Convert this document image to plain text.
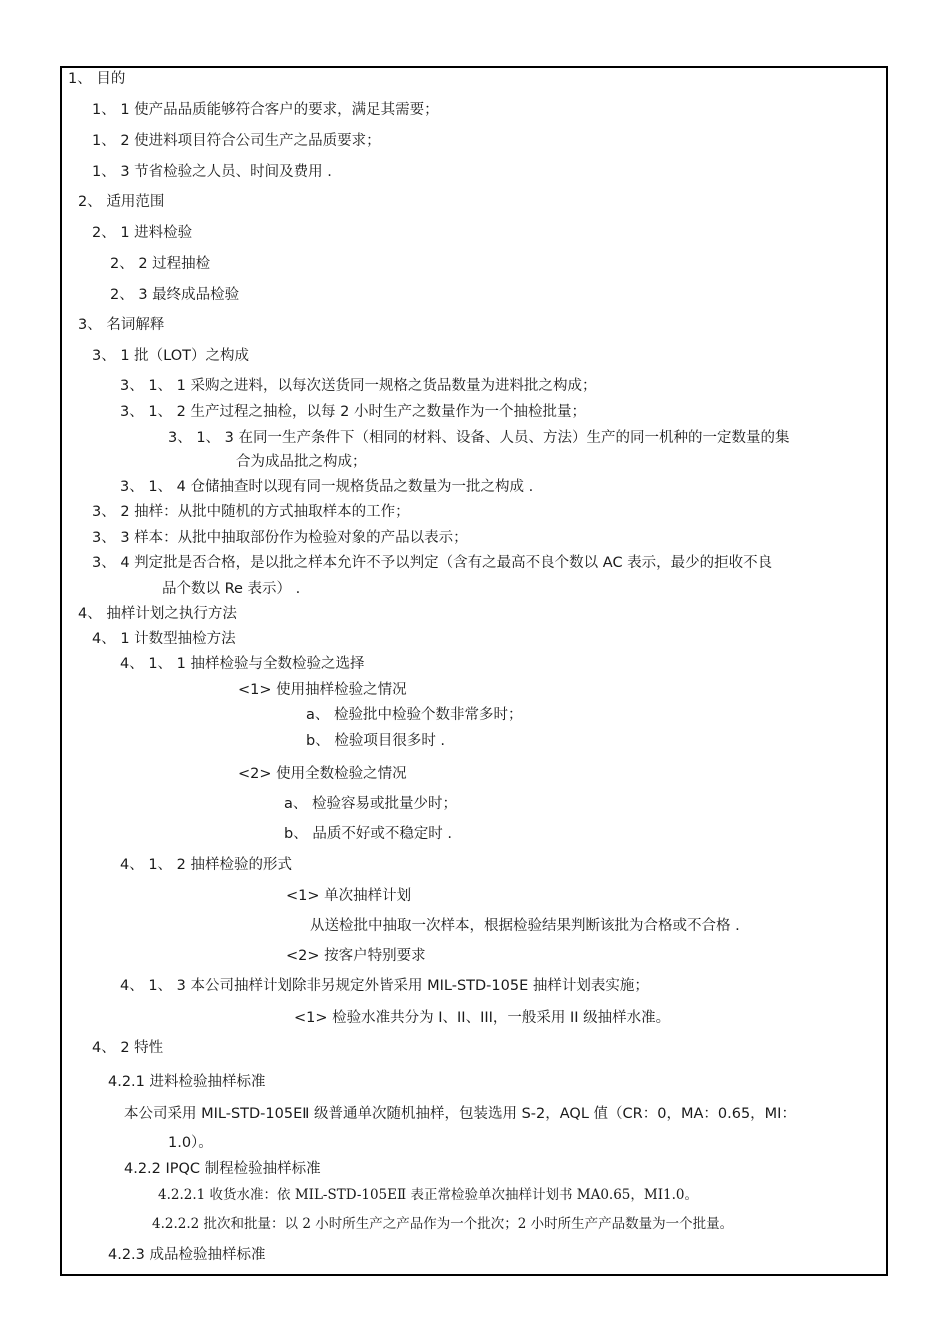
1、 目的
1、 1 使产品品质能够符合客户的要求，满足其需要；
1、 2 使进料项目符合公司生产之品质要求；
1、 3 节省检验之人员、时间及费用 .
2、 适用范围
2、 1 进料检验
2、 2 过程抽检
2、 3 最终成品检验
3、 名词解释
3、 1 批（LOT）之构成
3、 1、 1 采购之进料，以每次送货同一规格之货品数量为进料批之构成；
3、 1、 2 生产过程之抽检，以每 2 小时生产之数量作为一个抽检批量；
3、 1、 3 在同一生产条件下（相同的材料、设备、人员、方法）生产的同一机种的一定数量的集
合为成品批之构成；
3、 1、 4 仓储抽查时以现有同一规格货品之数量为一批之构成 .
3、 2 抽样：从批中随机的方式抽取样本的工作；
3、 3 样本：从批中抽取部份作为检验对象的产品以表示；
3、 4 判定批是否合格，是以批之样本允许不予以判定（含有之最高不良个数以 AC 表示，最少的拒收不良
品个数以 Re 表示） .
4、 抽样计划之执行方法
4、 1 计数型抽检方法
4、 1、 1 抽样检验与全数检验之选择
<1> 使用抽样检验之情况
a、 检验批中检验个数非常多时；
b、 检验项目很多时 .
<2> 使用全数检验之情况
a、 检验容易或批量少时；
b、 品质不好或不稳定时 .
4、 1、 2 抽样检验的形式
<1> 单次抽样计划
从送检批中抽取一次样本，根据检验结果判断该批为合格或不合格 .
<2> 按客户特别要求
4、 1、 3 本公司抽样计划除非另规定外皆采用 MIL-STD-105E 抽样计划表实施；
<1> 检验水准共分为 I、II、III，一般采用 II 级抽样水准。
4、 2 特性
4.2.1 进料检验抽样标准
本公司采用 MIL-STD-105EⅡ 级普通单次随机抽样，包装选用 S-2，AQL 值（CR：0，MA：0.65，MI：
1.0）。
4.2.2 IPQC 制程检验抽样标准
4.2.2.1 收货水准：依 MIL-STD-105EⅡ 表正常检验单次抽样计划书 MA0.65，MI1.0。
4.2.2.2 批次和批量：以 2 小时所生产之产品作为一个批次；2 小时所生产产品数量为一个批量。
4.2.3 成品检验抽样标准
